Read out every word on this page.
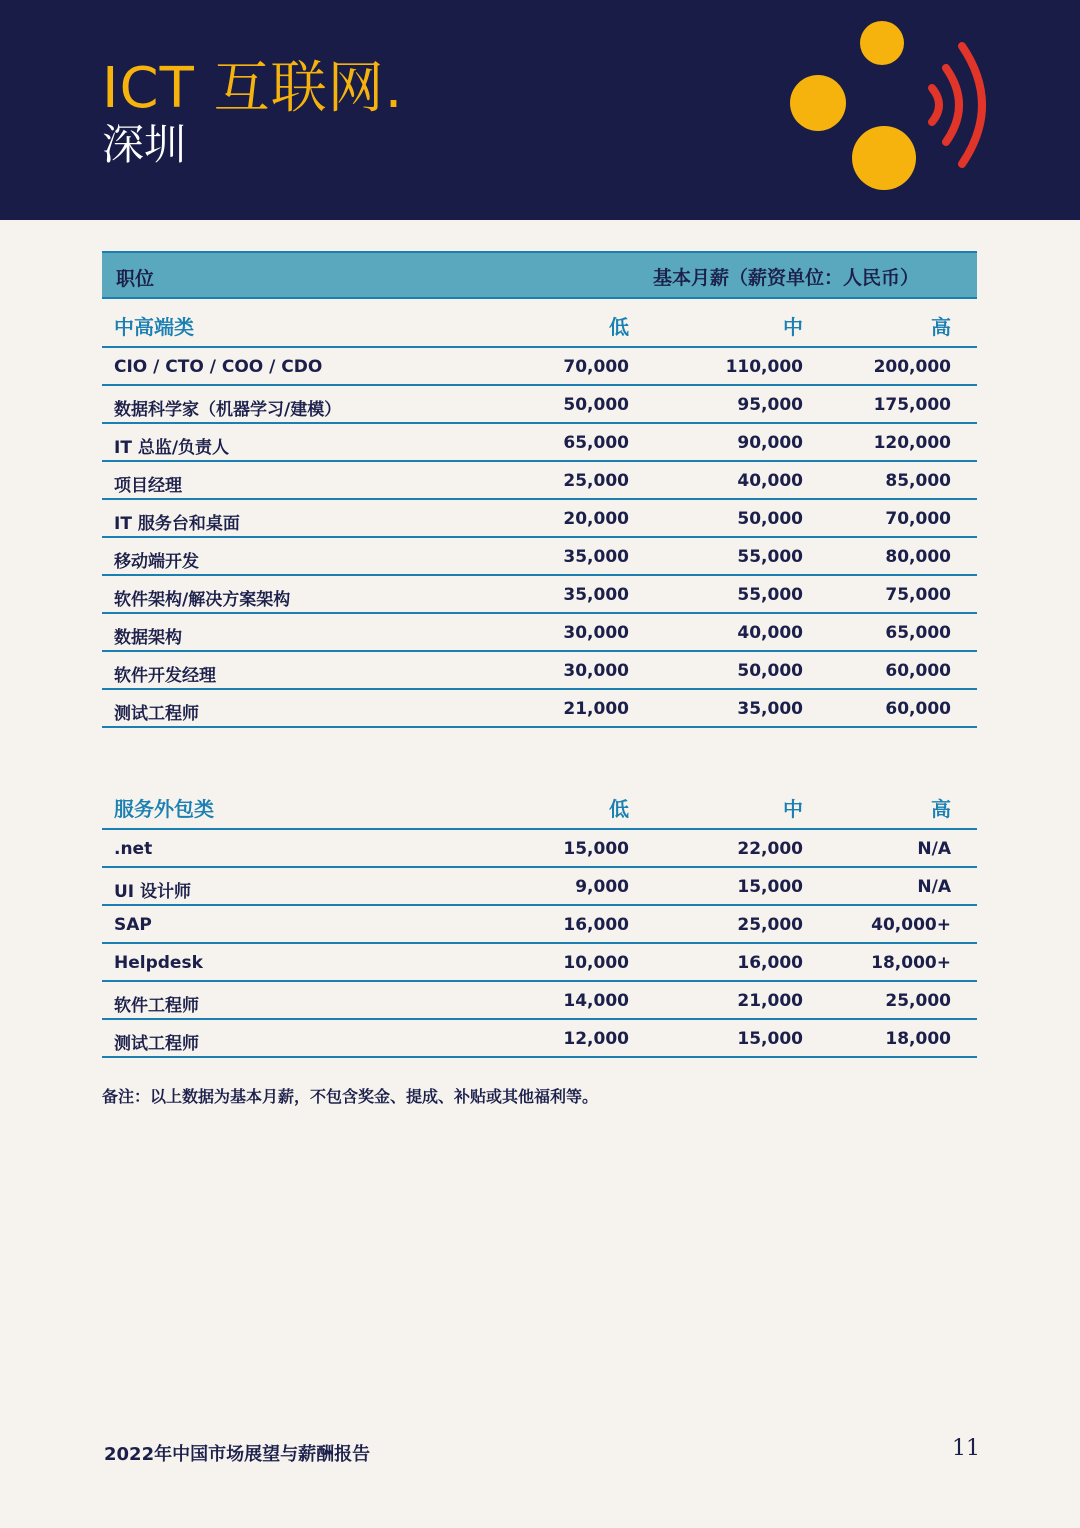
ICT 互联网.
深圳
职位	基本月薪（薪资单位：人民币）
中高端类	低	中	高
CIO / CTO / COO / CDO	70,000	110,000	200,000
数据科学家（机器学习/建模）	50,000	95,000	175,000
IT 总监/负责人	65,000	90,000	120,000
项目经理	25,000	40,000	85,000
IT 服务台和桌面	20,000	50,000	70,000
移动端开发	35,000	55,000	80,000
软件架构/解决方案架构	35,000	55,000	75,000
数据架构	30,000	40,000	65,000
软件开发经理	30,000	50,000	60,000
测试工程师	21,000	35,000	60,000
服务外包类	低	中	高
.net	15,000	22,000	N/A
UI 设计师	9,000	15,000	N/A
SAP	16,000	25,000	40,000+
Helpdesk	10,000	16,000	18,000+
软件工程师	14,000	21,000	25,000
测试工程师	12,000	15,000	18,000
备注：以上数据为基本月薪，不包含奖金、提成、补贴或其他福利等。
2022年中国市场展望与薪酬报告	11
